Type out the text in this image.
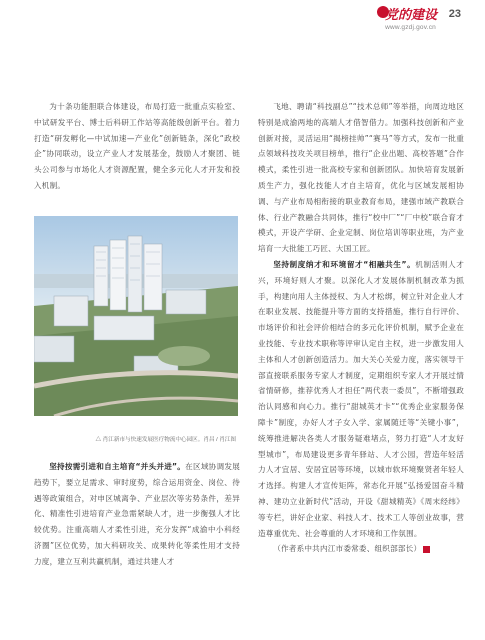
党的建设
www.gzdj.gov.cn
23

为十条功能胆联合体建设，布局打造一批重点实验室、中试研发平台、博士后科研工作站等高能级创新平台。着力打造“研发孵化—中试加速—产业化”创新链条，深化“政校企”协同联动，设立产业人才发展基金，鼓励人才聚团、链头公司参与市场化人才资源配置，健全多元化人才开发和投入机制。

△ 肖江新市与快速发展医疗物流中心园区。肖昌 / 肖江图

坚持按需引进和自主培育“并头并进”。在区域协调发展趋势下，要立足需求、审时度势，综合运用资金、岗位、待遇等政策组合，对申区城离争、产业层次等劣势条件，差异化、精准性引进培育产业急需紧缺人才，进一步衡强人才比较优势。注重高端人才柔性引进，充分发挥“成渝中小科经济圈”区位优势，加大科研攻关、成果转化等柔性用才支持力度，建立互利共赢机制，通过共建人才

飞地、聘请“科技副总”“技术总师”等举措，向周边地区特别是成渝两地的高端人才借智借力。加强科技创新和产业创新对接，灵活运用“揭榜挂帅”“赛马”等方式，发布一批重点领域科技攻关项目榜单，推行“企业出题、高校答题”合作模式，柔性引进一批高校专家和创新团队。加快培育发展新质生产力，强化技能人才自主培育，优化与区域发展相协调、与产业布局相衔接的职业教育布局，建强市域产教联合体、行业产教融合共同体，推行“校中厂”“厂中校”联合育才模式，开设产学研、企业定制、岗位培训等职业班，为产业培育一大批能工巧匠、大国工匠。

坚持制度纳才和环境留才“相融共生”。机制活则人才兴，环境好则人才聚。以深化人才发展体制机制改革为抓手，构建向用人主体授权、为人才松绑，树立针对企业人才在职业发展、技能提升等方面的支持措施，推行自行评价、市场评价和社会评价相结合的多元化评价机制，赋予企业在业技能、专业技术职称等评审认定自主权，进一步激发用人主体和人才创新创造活力。加大关心关爱力度，落实领导干部直接联系服务专家人才制度，定期组织专家人才开展过情省情研修，推荐优秀人才担任“两代表一委员”，不断增强政治认同感和向心力。推行“甜城英才卡”“优秀企业家服务保障卡”制度，办好人才子女入学、家属随迁等“关键小事”，统筹推进解决各类人才服务疑难堵点，努力打造“人才友好型城市”，布局建设更多青年驿站、人才公园，营造年轻活力人才宜居、安居宜居等环境，以城市软环境聚贤者年轻人才选择。构建人才宣传矩阵，常态化开展“弘扬爱国奋斗精神、建功立业新时代”活动，开设《甜城精英》《周末经纬》等专栏，讲好企业家、科技人才、技术工人等创业故事，营造尊重优先、社会尊重的人才环境和工作氛围。

（作者系中共内江市委常委、组织部部长）
